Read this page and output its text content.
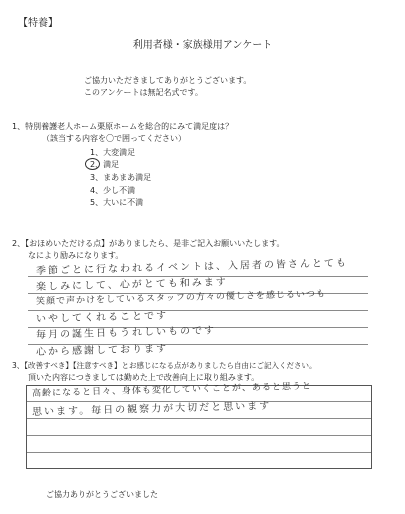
【特養】
利用者様・家族様用アンケート
ご協力いただきましてありがとうございます。
このアンケートは無記名式です。
1、特別養護老人ホーム栗原ホームを総合的にみて満足度は？
（該当する内容を〇で囲ってください）
1、大変満足
2、満足
3、まあまあ満足
4、少し不満
5、大いに不満
2、【おほめいただける点】がありましたら、是非ご記入お願いいたします。
なにより励みになります。
季節ごとに行なわれるイベントは、入居者の皆さんとても
楽しみにして、心がとても和みます
笑顔で声かけをしているスタッフの方々の優しさを感じるいつも
いやしてくれることです
毎月の誕生日もうれしいものです
心から感謝しております
3、【改善すべき】【注意すべき】とお感じになる点がありましたら自由にご記入ください。
頂いた内容につきましては勤めた上で改善向上に取り組みます。
高齢になると日々、身体も変化していくことが、あると思うと
思います。毎日の観察力が大切だと思います
ご協力ありがとうございました
